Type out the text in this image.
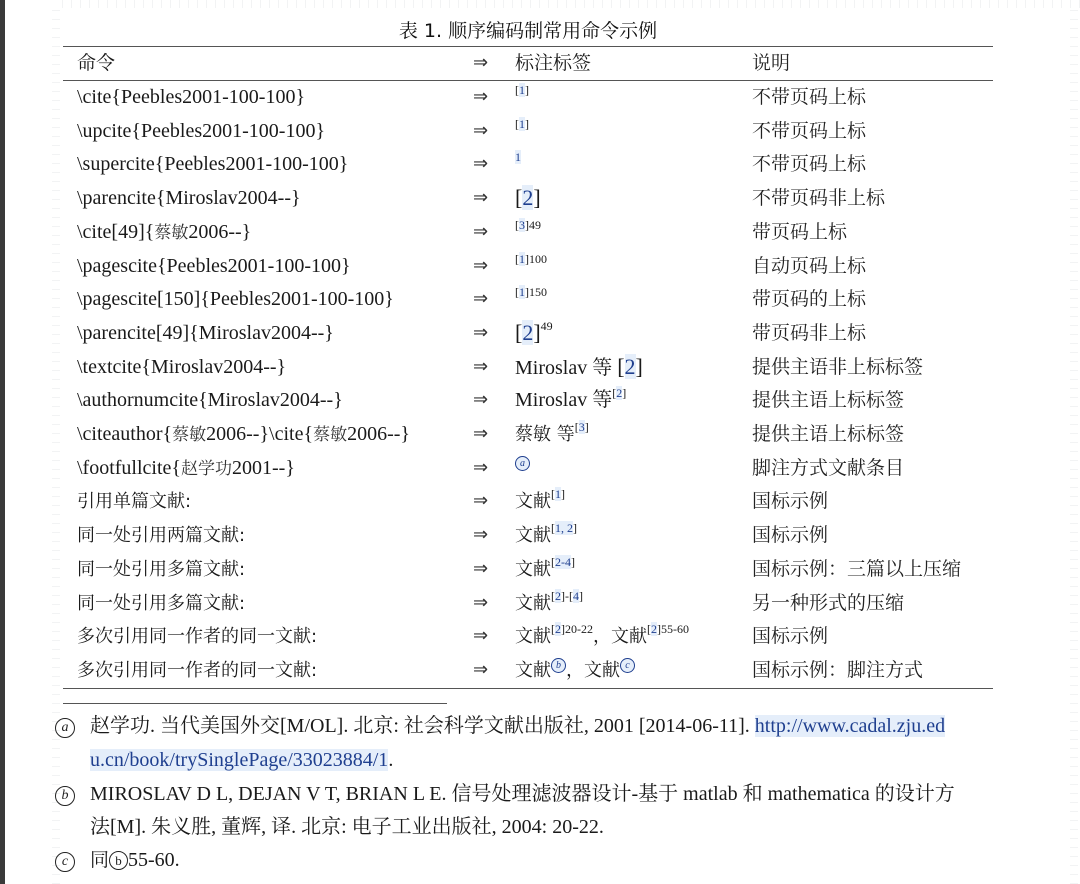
表 1. 顺序编码制常用命令示例
命令	⇒ 标注标签	说明
\cite{Peebles2001-100-100}	⇒ [1]	不带页码上标
\upcite{Peebles2001-100-100}	⇒ [1]	不带页码上标
\supercite{Peebles2001-100-100}	⇒ $^1$	不带页码上标
\parencite{Miroslav2004--}	⇒ [2]	不带页码非上标
\cite[49]{蔡敏2006--}	⇒ $^{[3]49}$	带页码上标
\pagescite{Peebles2001-100-100}	⇒ $^{[1]100}$	自动页码上标
\pagescite[150]{Peebles2001-100-100}	⇒ $^{[1]150}$	带页码的上标
\parencite[49]{Miroslav2004--}	⇒ $[2]^{49}$	带页码非上标
\textcite{Miroslav2004--}	⇒ Miroslav 等 [2]	提供主语非上标标签
\authornumcite{Miroslav2004--}	⇒ Miroslav 等[2]	提供主语上标标签
\citeauthor{蔡敏2006--}\cite{蔡敏2006--}	⇒ 蔡敏 等[3]	提供主语上标标签
\footfullcite{赵学功2001--}	⇒	a	脚注方式文献条目
引用单篇文献:	⇒ 文献[1]	国标示例
同一处引用两篇文献:	⇒ 文献[1, 2]	国标示例
同一处引用多篇文献:	⇒ 文献[2-4]	国标示例：三篇以上压缩
同一处引用多篇文献:	⇒ 文献[2]-[4]	另一种形式的压缩
多次引用同一作者的同一文献:	⇒ 文献$^{[2]20-22}$，文献$^{[2]55-60}$	国标示例
多次引用同一作者的同一文献:	⇒ 文献 b ，文献 c	国标示例：脚注方式
a	赵学功. 当代美国外交[M/OL]. 北京: 社会科学文献出版社, 2001 [2014-06-11]. http://www.cadal.zju.ed
u.cn/book/trySinglePage/33023884/1.
b	MIROSLAV D L, DEJAN V T, BRIAN L E. 信号处理滤波器设计-基于 matlab 和 mathematica 的设计方
法[M]. 朱义胜, 董辉, 译. 北京: 电子工业出版社, 2004: 20-22.
c	同 b 55-60.
